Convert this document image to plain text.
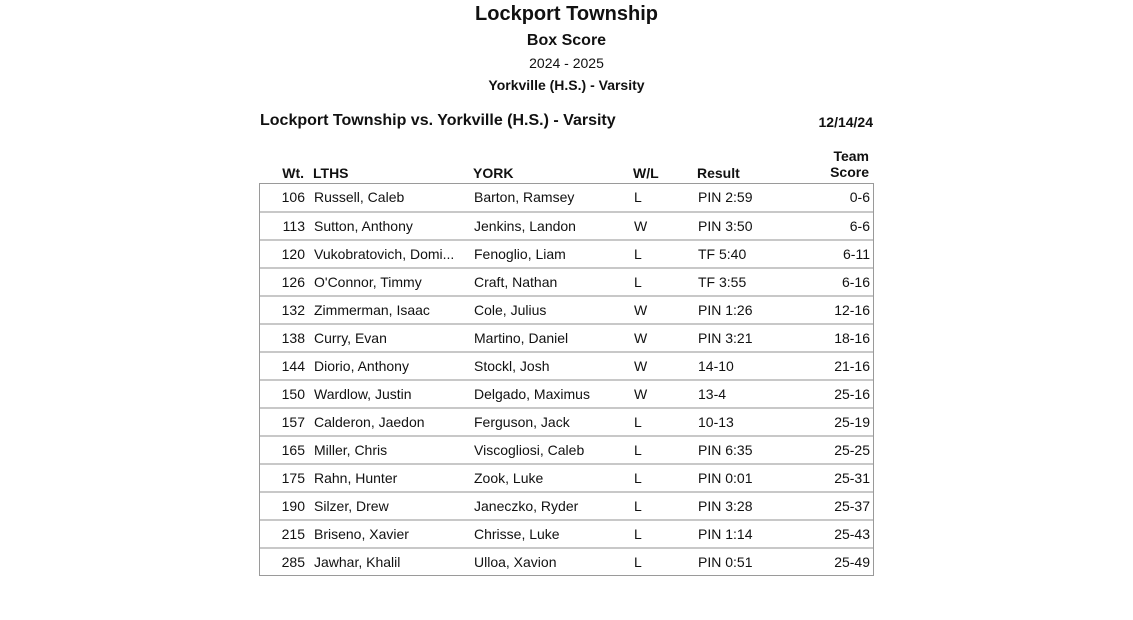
Lockport Township
Box Score
2024 - 2025
Yorkville (H.S.) - Varsity
Lockport Township vs. Yorkville (H.S.) - Varsity	12/14/24
Wt. LTHS	YORK	W/L	Result
Team
Score
106 Russell, Caleb	Barton, Ramsey	L	PIN 2:59	0-6
113 Sutton, Anthony	Jenkins, Landon	W	PIN 3:50	6-6
120 Vukobratovich, Domi...	Fenoglio, Liam	L	TF 5:40	6-11
126 O'Connor, Timmy	Craft, Nathan	L	TF 3:55	6-16
132 Zimmerman, Isaac	Cole, Julius	W	PIN 1:26	12-16
138 Curry, Evan	Martino, Daniel	W	PIN 3:21	18-16
144 Diorio, Anthony	Stockl, Josh	W	14-10	21-16
150 Wardlow, Justin	Delgado, Maximus	W	13-4	25-16
157 Calderon, Jaedon	Ferguson, Jack	L	10-13	25-19
165 Miller, Chris	Viscogliosi, Caleb	L	PIN 6:35	25-25
175 Rahn, Hunter	Zook, Luke	L	PIN 0:01	25-31
190 Silzer, Drew	Janeczko, Ryder	L	PIN 3:28	25-37
215 Briseno, Xavier	Chrisse, Luke	L	PIN 1:14	25-43
285 Jawhar, Khalil	Ulloa, Xavion	L	PIN 0:51	25-49
